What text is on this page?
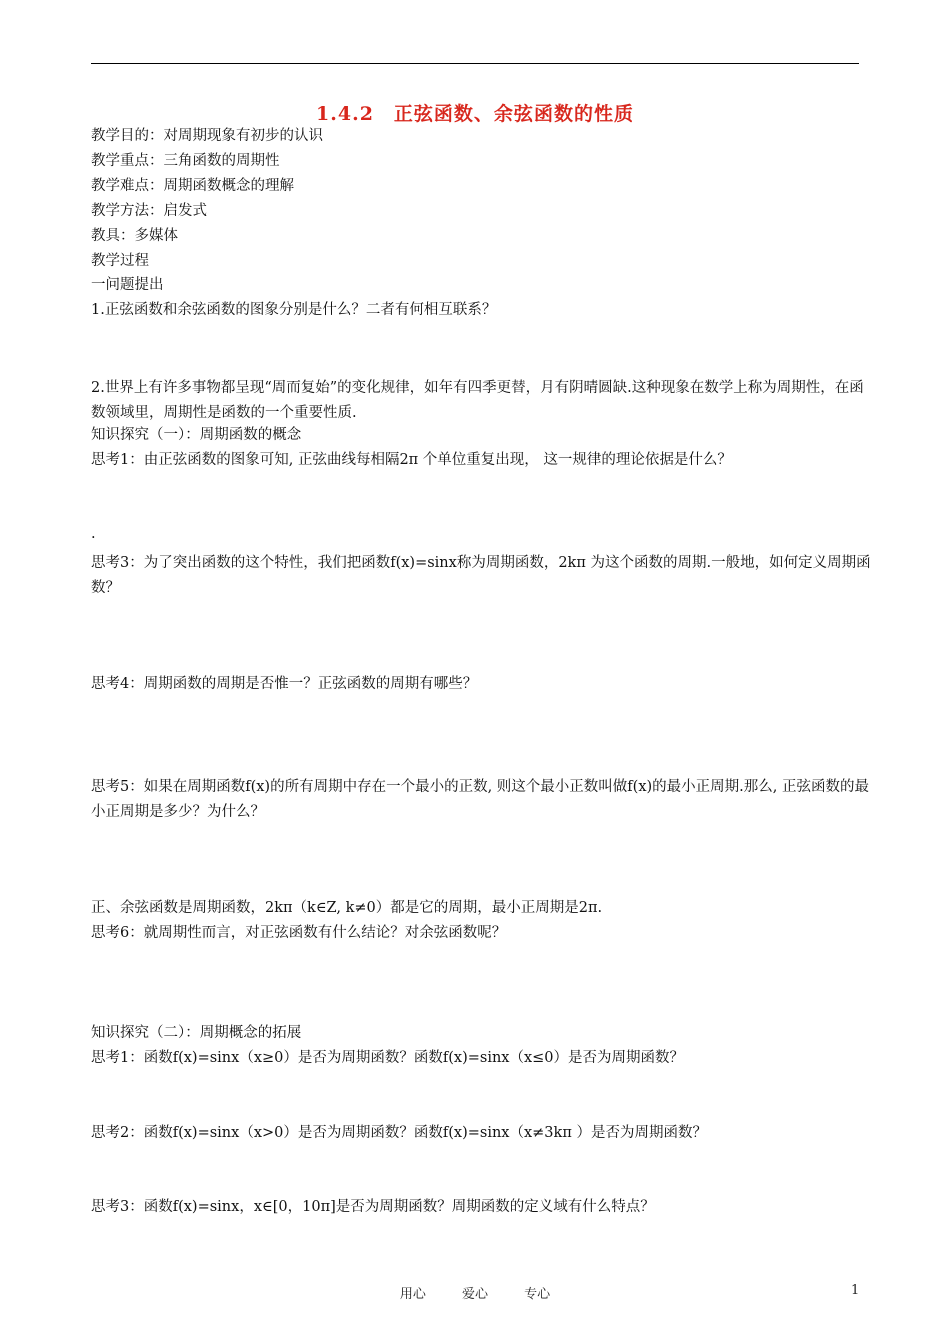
1.4.2　正弦函数、余弦函数的性质
教学目的：对周期现象有初步的认识
教学重点：三角函数的周期性
教学难点：周期函数概念的理解
教学方法：启发式
教具：多媒体
教学过程
一问题提出
1.正弦函数和余弦函数的图象分别是什么？二者有何相互联系？
2.世界上有许多事物都呈现“周而复始”的变化规律，如年有四季更替，月有阴晴圆缺.这种现象在数学上称为周期性，在函数领域里，周期性是函数的一个重要性质.
知识探究（一）：周期函数的概念
思考1：由正弦函数的图象可知, 正弦曲线每相隔2π 个单位重复出现， 这一规律的理论依据是什么？
.
思考3：为了突出函数的这个特性，我们把函数f(x)=sinx称为周期函数，2kπ 为这个函数的周期.一般地，如何定义周期函数？
思考4：周期函数的周期是否惟一？正弦函数的周期有哪些？
思考5：如果在周期函数f(x)的所有周期中存在一个最小的正数, 则这个最小正数叫做f(x)的最小正周期.那么, 正弦函数的最小正周期是多少？为什么？
正、余弦函数是周期函数，2kπ（k∈Z, k≠0）都是它的周期，最小正周期是2π.
思考6：就周期性而言，对正弦函数有什么结论？对余弦函数呢？
知识探究（二）：周期概念的拓展
思考1：函数f(x)=sinx（x≥0）是否为周期函数？函数f(x)=sinx（x≤0）是否为周期函数？
思考2：函数f(x)=sinx（x>0）是否为周期函数？函数f(x)=sinx（x≠3kπ ）是否为周期函数？
思考3：函数f(x)=sinx，x∈[0，10π]是否为周期函数？周期函数的定义域有什么特点？
用心	爱心	专心	1
